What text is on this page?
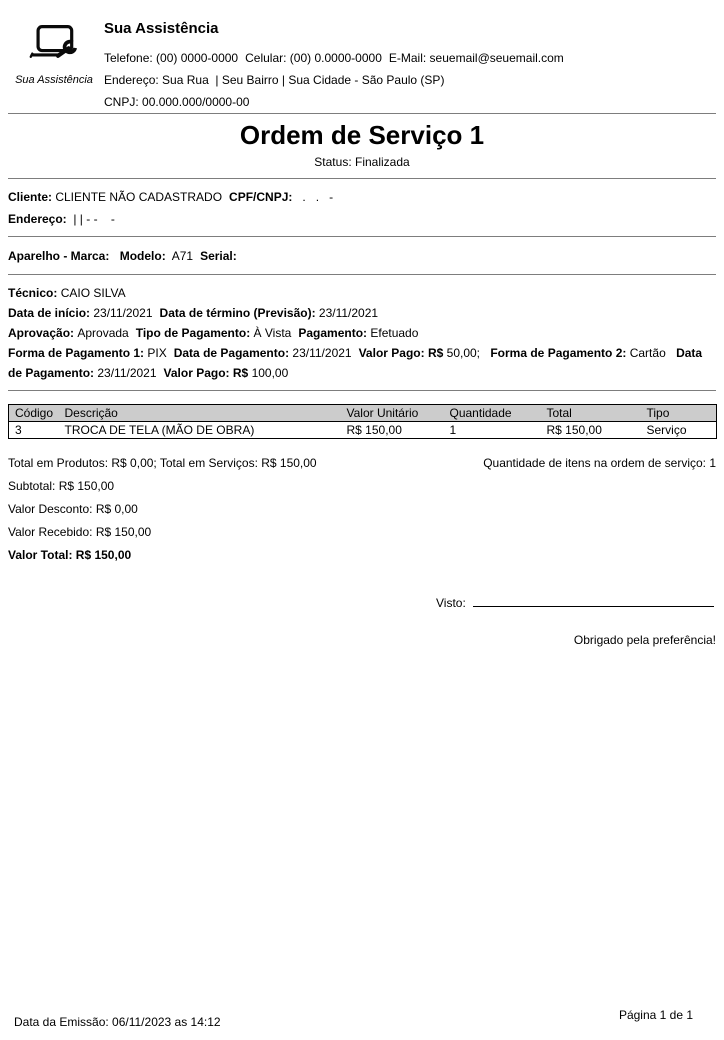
Sua Assistência
Sua Assistência
Telefone: (00) 0000-0000 Celular: (00) 0.0000-0000 E-Mail: seuemail@seuemail.com
Endereço: Sua Rua  | Seu Bairro | Sua Cidade - São Paulo (SP)
CNPJ: 00.000.000/0000-00
Ordem de Serviço 1
Status: Finalizada
Cliente: CLIENTE NÃO CADASTRADO CPF/CNPJ:   .   .   -
Endereço:  | | - -    -
Aparelho - Marca: Modelo:  A71 Serial:
Técnico: CAIO SILVA
Data de início: 23/11/2021 Data de término (Previsão): 23/11/2021
Aprovação: Aprovada Tipo de Pagamento: À Vista Pagamento: Efetuado
Forma de Pagamento 1: PIX Data de Pagamento: 23/11/2021 Valor Pago: R$ 50,00; Forma de Pagamento 2: Cartão Data de Pagamento: 23/11/2021 Valor Pago: R$ 100,00
Código	Descrição	Valor Unitário	Quantidade	Total	Tipo
3	TROCA DE TELA (MÃO DE OBRA)	R$ 150,00	1	R$ 150,00	Serviço
Total em Produtos: R$ 0,00; Total em Serviços: R$ 150,00	Quantidade de itens na ordem de serviço: 1
Subtotal: R$ 150,00
Valor Desconto: R$ 0,00
Valor Recebido: R$ 150,00
Valor Total: R$ 150,00
Visto:
Obrigado pela preferência!
Data da Emissão: 06/11/2023 as 14:12	Página 1 de 1
